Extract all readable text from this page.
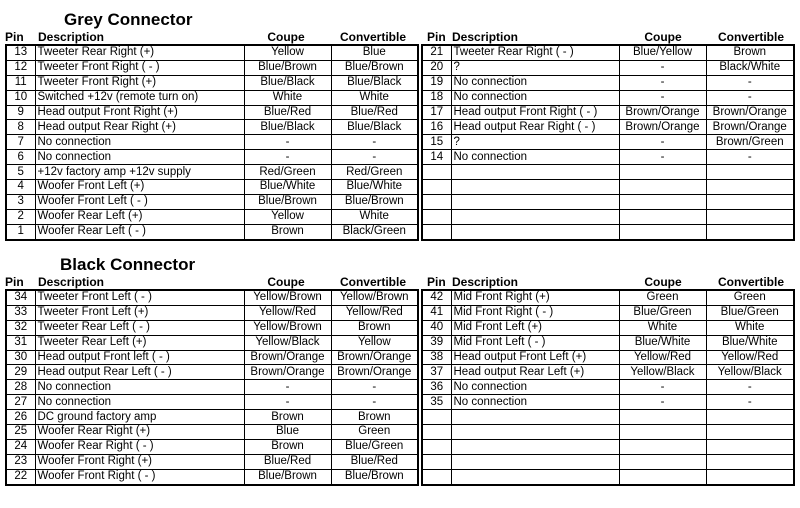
Grey Connector
Pin	Description	Coupe	Convertible
13	Tweeter Rear Right (+)	Yellow	Blue
12	Tweeter Front Right ( - )	Blue/Brown	Blue/Brown
11	Tweeter Front Right (+)	Blue/Black	Blue/Black
10	Switched +12v (remote turn on)	White	White
9	Head output Front Right (+)	Blue/Red	Blue/Red
8	Head output Rear Right (+)	Blue/Black	Blue/Black
7	No connection	-	-
6	No connection	-	-
5	+12v factory amp +12v supply	Red/Green	Red/Green
4	Woofer Front Left (+)	Blue/White	Blue/White
3	Woofer Front Left ( - )	Blue/Brown	Blue/Brown
2	Woofer Rear Left (+)	Yellow	White
1	Woofer Rear Left ( - )	Brown	Black/Green
Pin Description	Coupe	Convertible
21	Tweeter Rear Right ( - )	Blue/Yellow	Brown
20	?	-	Black/White
19	No connection	-	-
18	No connection	-	-
17	Head output Front Right ( - )	Brown/Orange	Brown/Orange
16	Head output Rear Right ( - )	Brown/Orange	Brown/Orange
15	?	-	Brown/Green
14	No connection	-	-

Black Connector
Pin	Description	Coupe	Convertible
34	Tweeter Front Left ( - )	Yellow/Brown	Yellow/Brown
33	Tweeter Front Left (+)	Yellow/Red	Yellow/Red
32	Tweeter Rear Left ( - )	Yellow/Brown	Brown
31	Tweeter Rear Left (+)	Yellow/Black	Yellow
30	Head output Front left ( - )	Brown/Orange	Brown/Orange
29	Head output Rear Left ( - )	Brown/Orange	Brown/Orange
28	No connection	-	-
27	No connection	-	-
26	DC ground factory amp	Brown	Brown
25	Woofer Rear Right (+)	Blue	Green
24	Woofer Rear Right ( - )	Brown	Blue/Green
23	Woofer Front Right (+)	Blue/Red	Blue/Red
22	Woofer Front Right ( - )	Blue/Brown	Blue/Brown
Pin Description	Coupe	Convertible
42	Mid Front Right (+)	Green	Green
41	Mid Front Right ( - )	Blue/Green	Blue/Green
40	Mid Front Left (+)	White	White
39	Mid Front Left ( - )	Blue/White	Blue/White
38	Head output Front Left (+)	Yellow/Red	Yellow/Red
37	Head output Rear Left (+)	Yellow/Black	Yellow/Black
36	No connection	-	-
35	No connection	-	-
